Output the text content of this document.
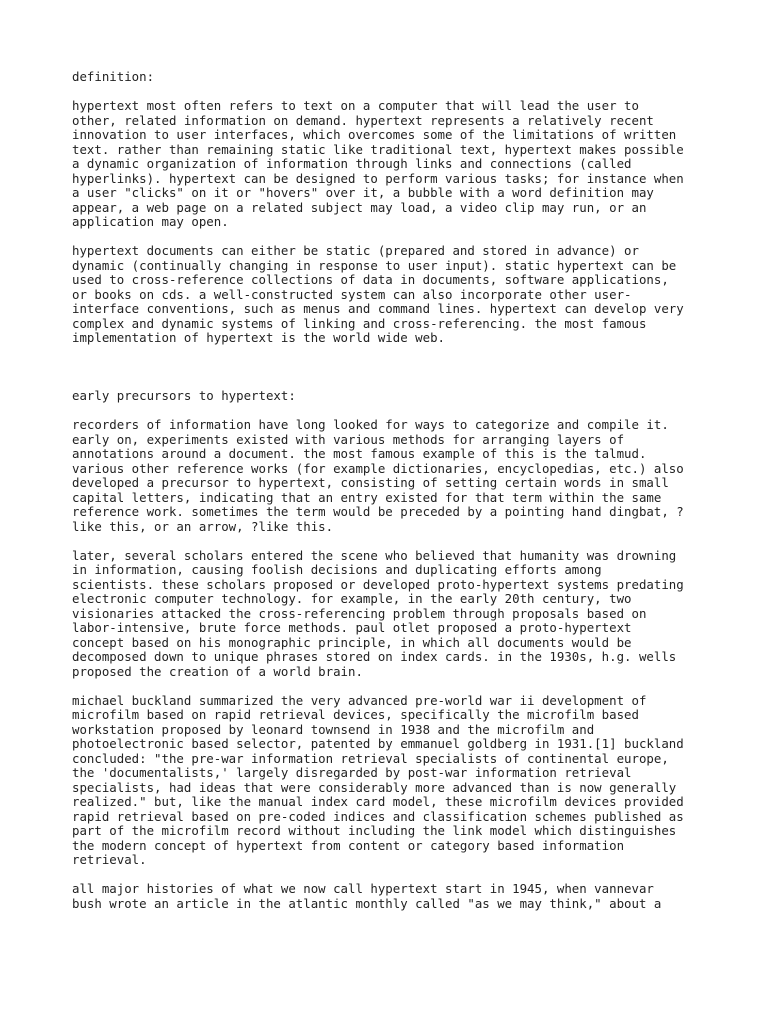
definition:

hypertext most often refers to text on a computer that will lead the user to
other, related information on demand. hypertext represents a relatively recent
innovation to user interfaces, which overcomes some of the limitations of written
text. rather than remaining static like traditional text, hypertext makes possible
a dynamic organization of information through links and connections (called
hyperlinks). hypertext can be designed to perform various tasks; for instance when
a user "clicks" on it or "hovers" over it, a bubble with a word definition may
appear, a web page on a related subject may load, a video clip may run, or an
application may open.

hypertext documents can either be static (prepared and stored in advance) or
dynamic (continually changing in response to user input). static hypertext can be
used to cross-reference collections of data in documents, software applications,
or books on cds. a well-constructed system can also incorporate other user-
interface conventions, such as menus and command lines. hypertext can develop very
complex and dynamic systems of linking and cross-referencing. the most famous
implementation of hypertext is the world wide web.

early precursors to hypertext:

recorders of information have long looked for ways to categorize and compile it.
early on, experiments existed with various methods for arranging layers of
annotations around a document. the most famous example of this is the talmud.
various other reference works (for example dictionaries, encyclopedias, etc.) also
developed a precursor to hypertext, consisting of setting certain words in small
capital letters, indicating that an entry existed for that term within the same
reference work. sometimes the term would be preceded by a pointing hand dingbat, ?
like this, or an arrow, ?like this.

later, several scholars entered the scene who believed that humanity was drowning
in information, causing foolish decisions and duplicating efforts among
scientists. these scholars proposed or developed proto-hypertext systems predating
electronic computer technology. for example, in the early 20th century, two
visionaries attacked the cross-referencing problem through proposals based on
labor-intensive, brute force methods. paul otlet proposed a proto-hypertext
concept based on his monographic principle, in which all documents would be
decomposed down to unique phrases stored on index cards. in the 1930s, h.g. wells
proposed the creation of a world brain.

michael buckland summarized the very advanced pre-world war ii development of
microfilm based on rapid retrieval devices, specifically the microfilm based
workstation proposed by leonard townsend in 1938 and the microfilm and
photoelectronic based selector, patented by emmanuel goldberg in 1931.[1] buckland
concluded: "the pre-war information retrieval specialists of continental europe,
the 'documentalists,' largely disregarded by post-war information retrieval
specialists, had ideas that were considerably more advanced than is now generally
realized." but, like the manual index card model, these microfilm devices provided
rapid retrieval based on pre-coded indices and classification schemes published as
part of the microfilm record without including the link model which distinguishes
the modern concept of hypertext from content or category based information
retrieval.

all major histories of what we now call hypertext start in 1945, when vannevar
bush wrote an article in the atlantic monthly called "as we may think," about a
